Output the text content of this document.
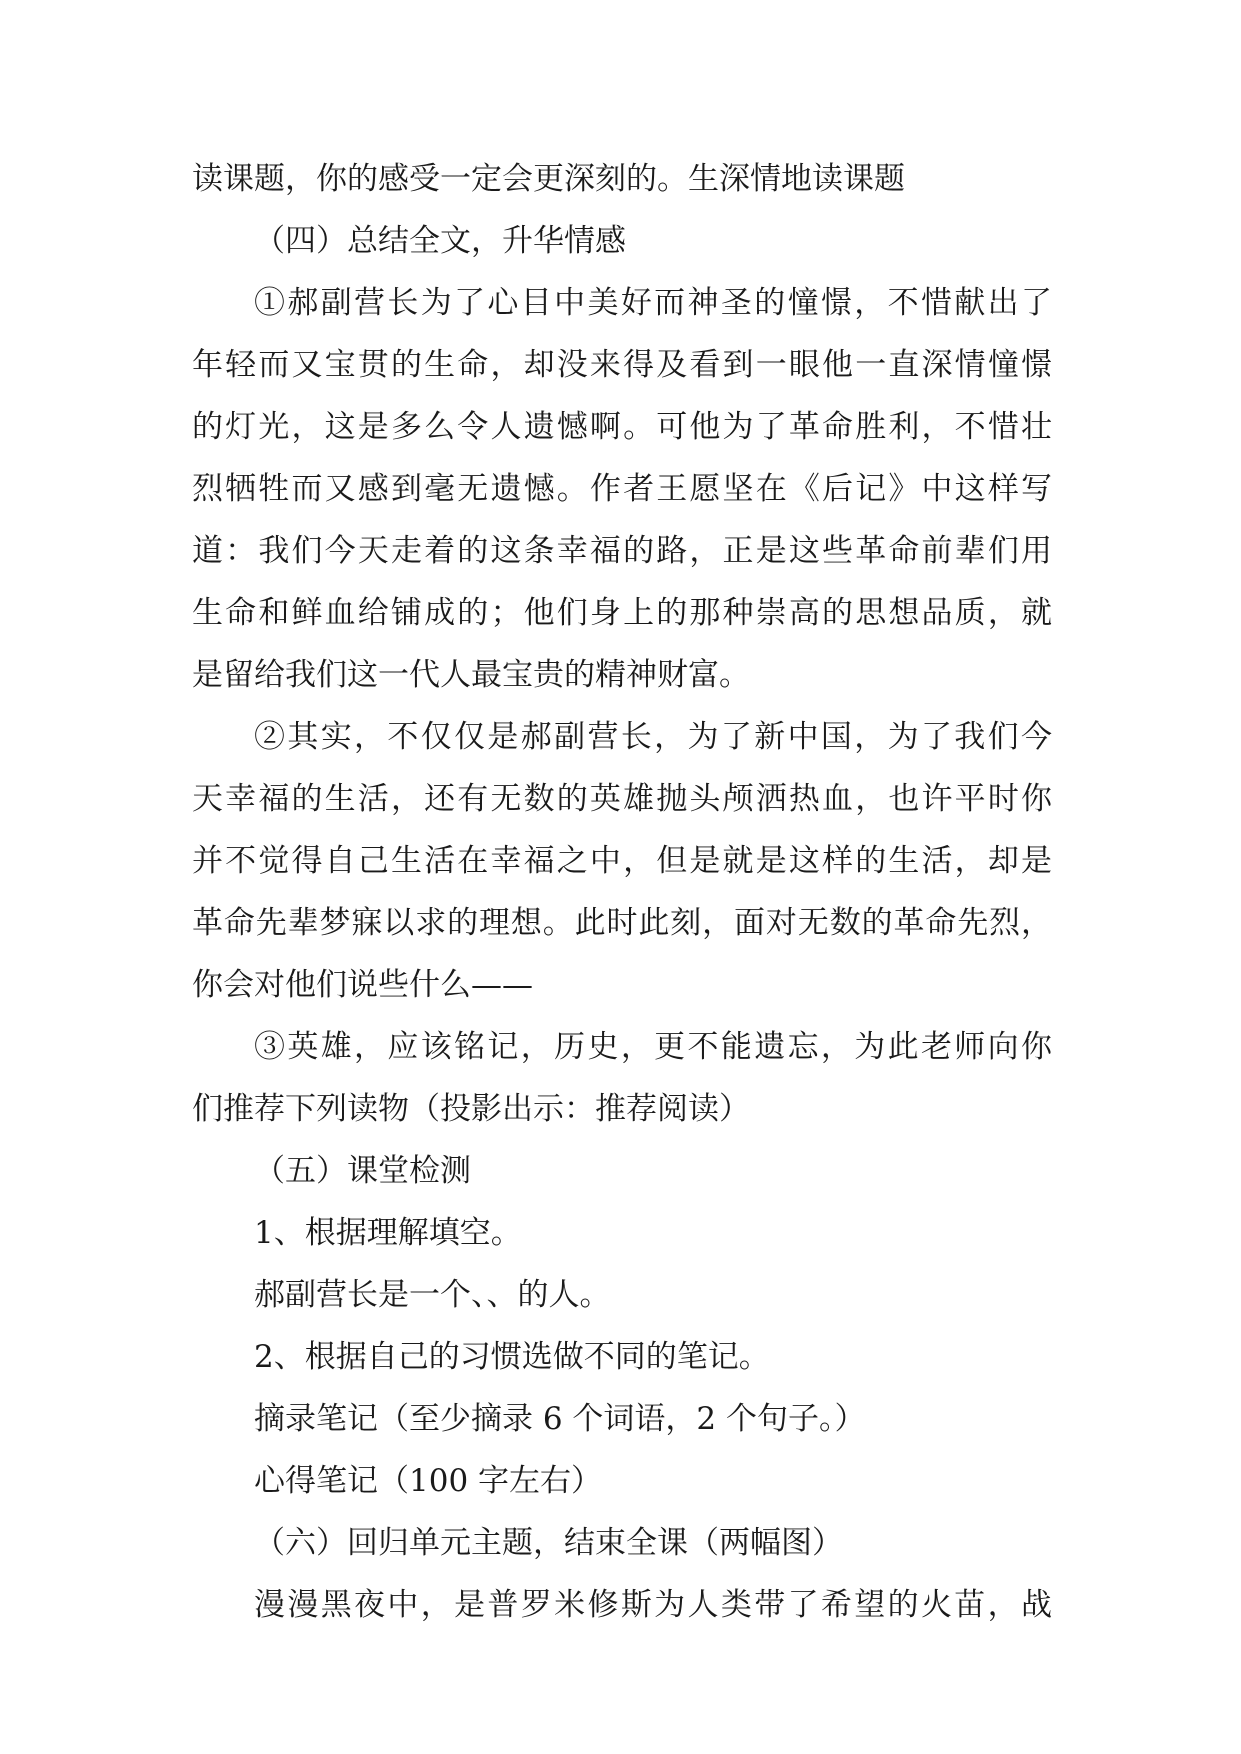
读课题，你的感受一定会更深刻的。生深情地读课题
（四）总结全文，升华情感
①郝副营长为了心目中美好而神圣的憧憬，不惜献出了
年轻而又宝贯的生命，却没来得及看到一眼他一直深情憧憬
的灯光，这是多么令人遗憾啊。可他为了革命胜利，不惜壮
烈牺牲而又感到毫无遗憾。作者王愿坚在《后记》中这样写
道：我们今天走着的这条幸福的路，正是这些革命前辈们用
生命和鲜血给铺成的；他们身上的那种崇高的思想品质，就
是留给我们这一代人最宝贵的精神财富。
②其实，不仅仅是郝副营长，为了新中国，为了我们今
天幸福的生活，还有无数的英雄抛头颅洒热血，也许平时你
并不觉得自己生活在幸福之中，但是就是这样的生活，却是
革命先辈梦寐以求的理想。此时此刻，面对无数的革命先烈，
你会对他们说些什么——
③英雄，应该铭记，历史，更不能遗忘，为此老师向你
们推荐下列读物（投影出示：推荐阅读）
（五）课堂检测
1、根据理解填空。
郝副营长是一个、、的人。
2、根据自己的习惯选做不同的笔记。
摘录笔记（至少摘录 6 个词语，2 个句子。）
心得笔记（100 字左右）
（六）回归单元主题，结束全课（两幅图）
漫漫黑夜中，是普罗米修斯为人类带了希望的火苗，战
